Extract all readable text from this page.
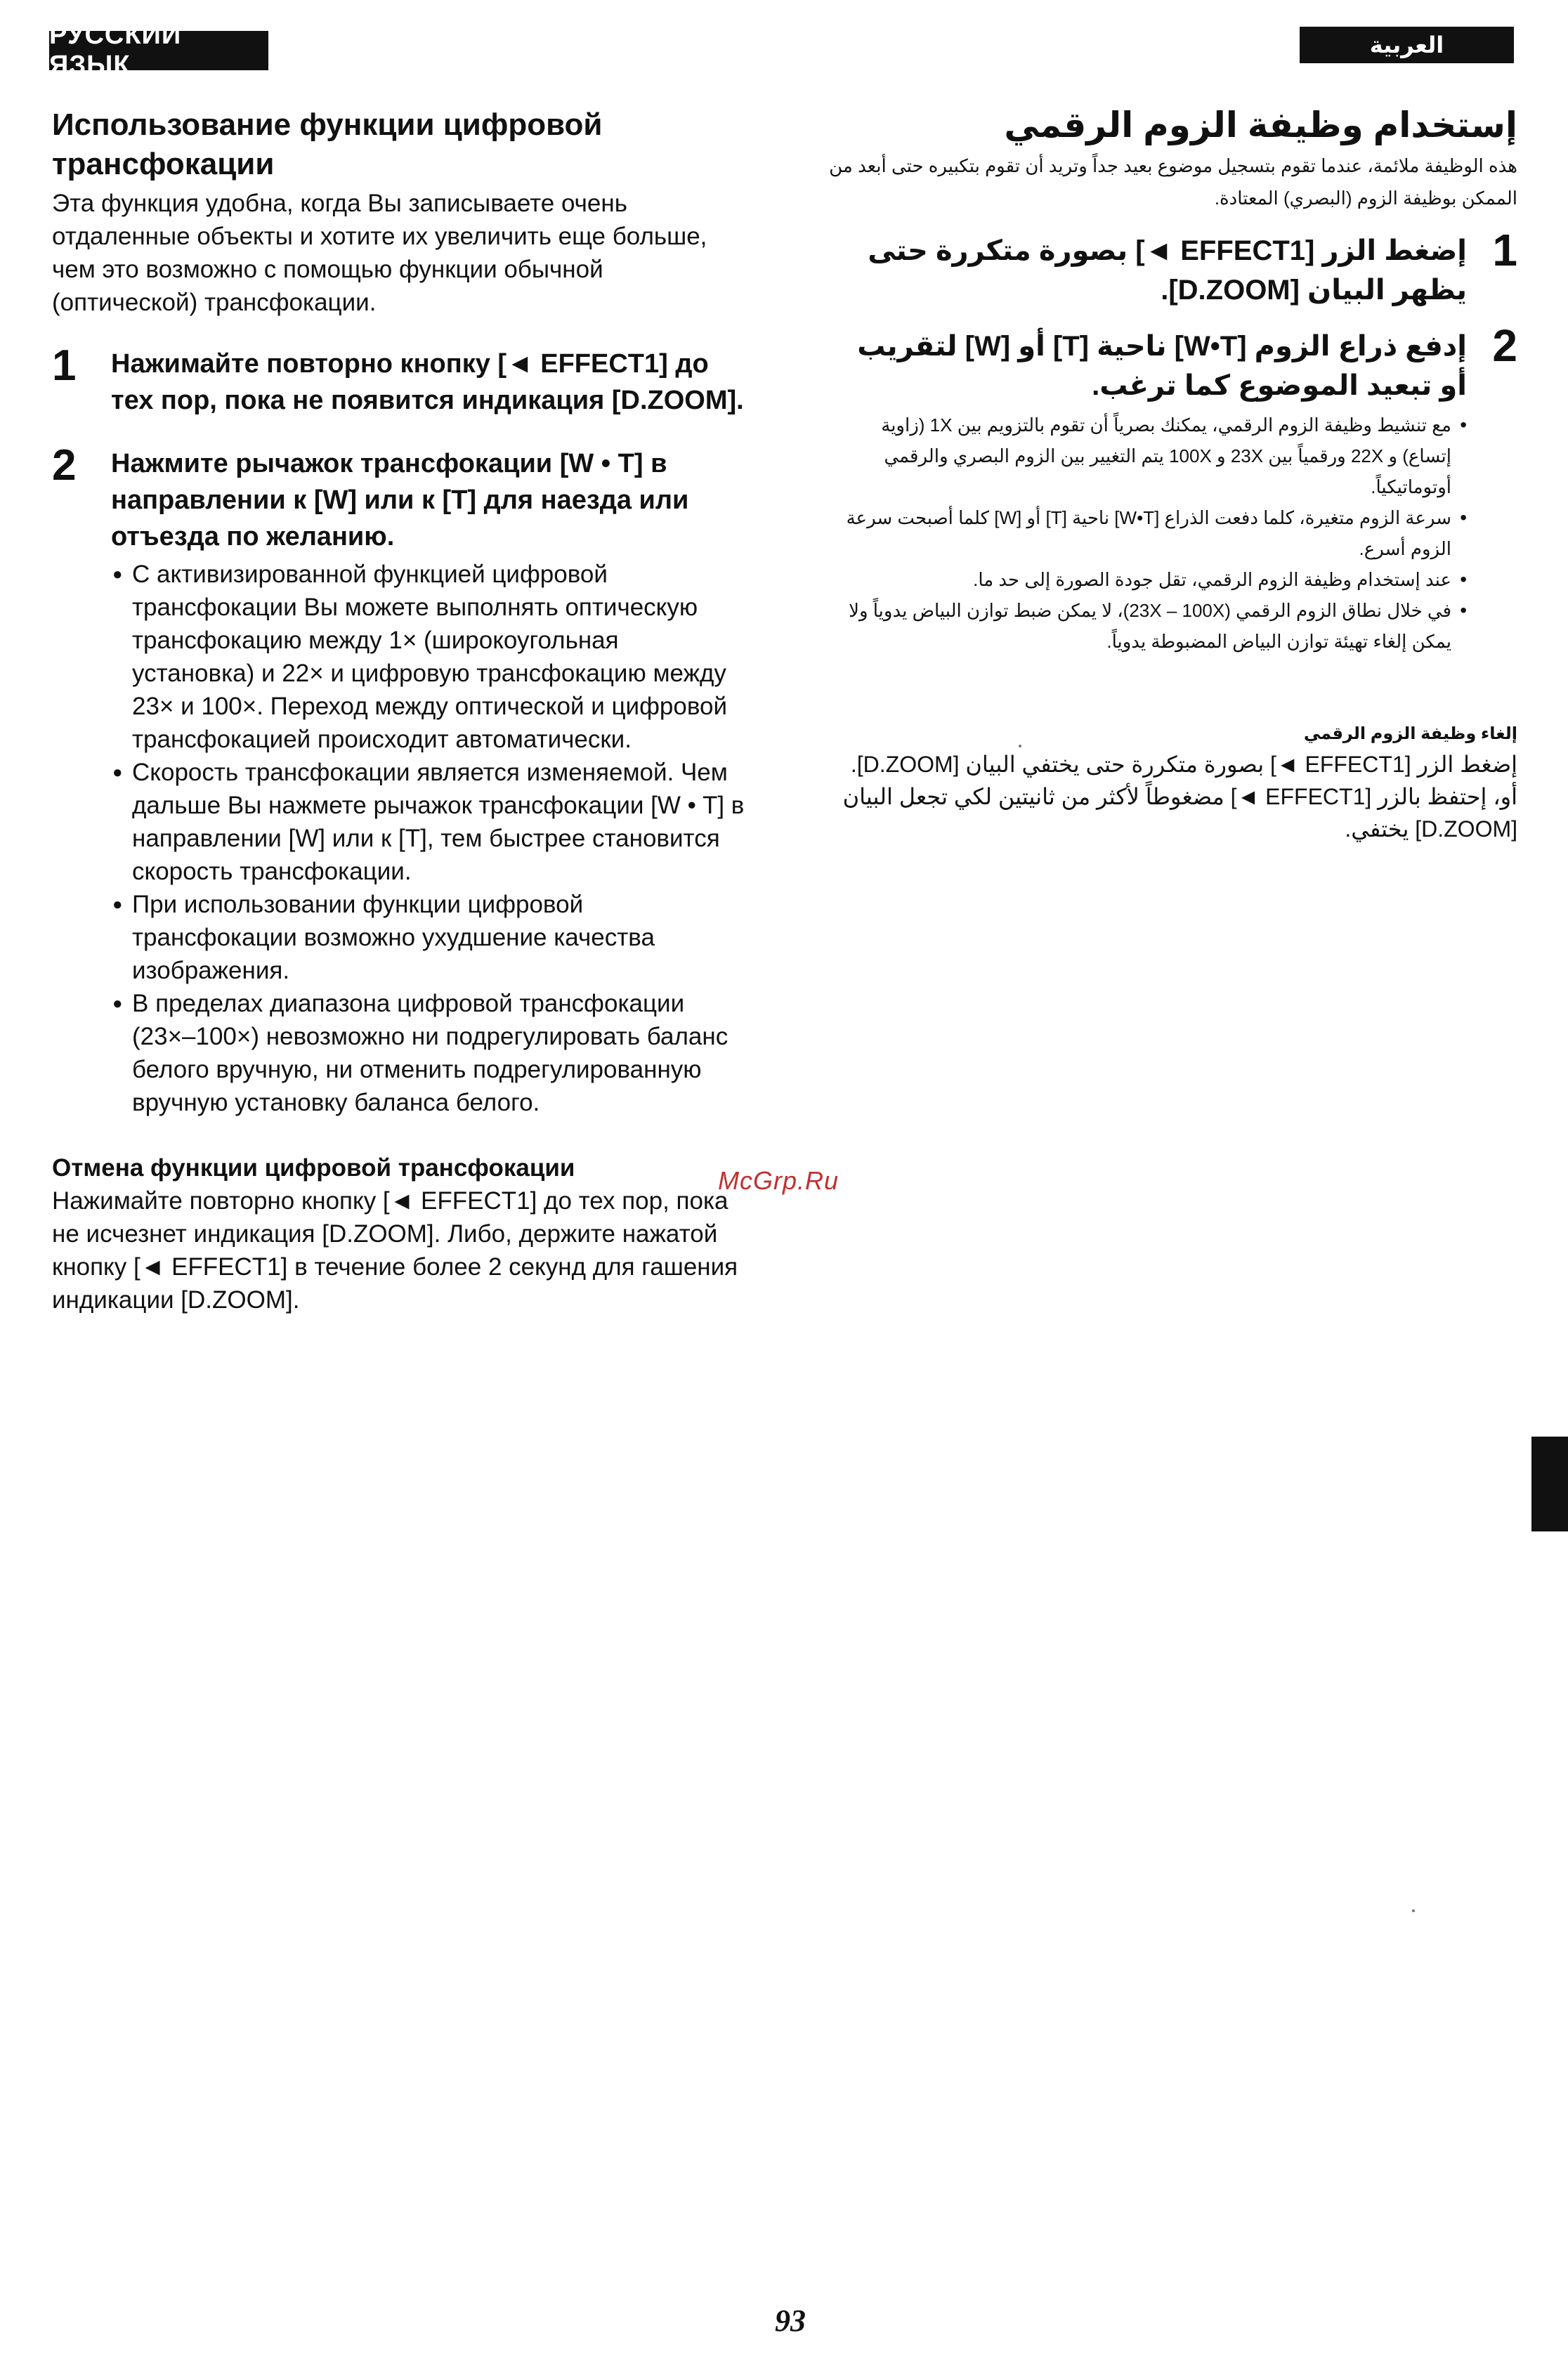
РУССКИЙ ЯЗЫК
العربية
Использование функции цифровой трансфокации

Эта функция удобна, когда Вы записываете очень отдаленные объекты и хотите их увеличить еще больше, чем это возможно с помощью функции обычной (оптической) трансфокации.

1 Нажимайте повторно кнопку [◄ EFFECT1] до тех пор, пока не появится индикация [D.ZOOM].
2 Нажмите рычажок трансфокации [W • T] в направлении к [W] или к [T] для наезда или отъезда по желанию.
● С активизированной функцией цифровой трансфокации Вы можете выполнять оптическую трансфокацию между 1× (широкоугольная установка) и 22× и цифровую трансфокацию между 23× и 100×. Переход между оптической и цифровой трансфокацией происходит автоматически.
● Скорость трансфокации является изменяемой. Чем дальше Вы нажмете рычажок трансфокации [W • T] в направлении [W] или к [T], тем быстрее становится скорость трансфокации.
● При использовании функции цифровой трансфокации возможно ухудшение качества изображения.
● В пределах диапазона цифровой трансфокации (23×–100×) невозможно ни подрегулировать баланс белого вручную, ни отменить подрегулированную вручную установку баланса белого.
Отмена функции цифровой трансфокации
Нажимайте повторно кнопку [◄ EFFECT1] до тех пор, пока не исчезнет индикация [D.ZOOM]. Либо, держите нажатой кнопку [◄ EFFECT1] в течение более 2 секунд для гашения индикации [D.ZOOM].
إستخدام وظيفة الزوم الرقمي
هذه الوظيفة ملائمة، عندما تقوم بتسجيل موضوع بعيد جداً وتريد أن تقوم بتكبيره حتى أبعد من الممكن بوظيفة الزوم (البصري) المعتادة.
1
إضغط الزر [EFFECT1 ◄] بصورة متكررة حتى يظهر البيان [D.ZOOM].
2
إدفع ذراع الزوم [W•T] ناحية [T] أو [W] لتقريب أو تبعيد الموضوع كما ترغب.
• مع تنشيط وظيفة الزوم الرقمي، يمكنك بصرياً أن تقوم بالتزويم بين 1X (زاوية إتساع) و 22X ورقمياً بين 23X و 100X يتم التغيير بين الزوم البصري والرقمي أوتوماتيكياً.
• سرعة الزوم متغيرة، كلما دفعت الذراع [W•T] ناحية [T] أو [W] كلما أصبحت سرعة الزوم أسرع.
• عند إستخدام وظيفة الزوم الرقمي، تقل جودة الصورة إلى حد ما.
• في خلال نطاق الزوم الرقمي (23X – 100X)، لا يمكن ضبط توازن البياض يدوياً ولا يمكن إلغاء تهيئة توازن البياض المضبوطة يدوياً.
إلغاء وظيفة الزوم الرقمي
إضغط الزر [EFFECT1 ◄] بصورة متكررة حتى يختفي البيان [D.ZOOM]. أو، إحتفظ بالزر [EFFECT1 ◄] مضغوطاً لأكثر من ثانيتين لكي تجعل البيان [D.ZOOM] يختفي.
McGrp.Ru
93
